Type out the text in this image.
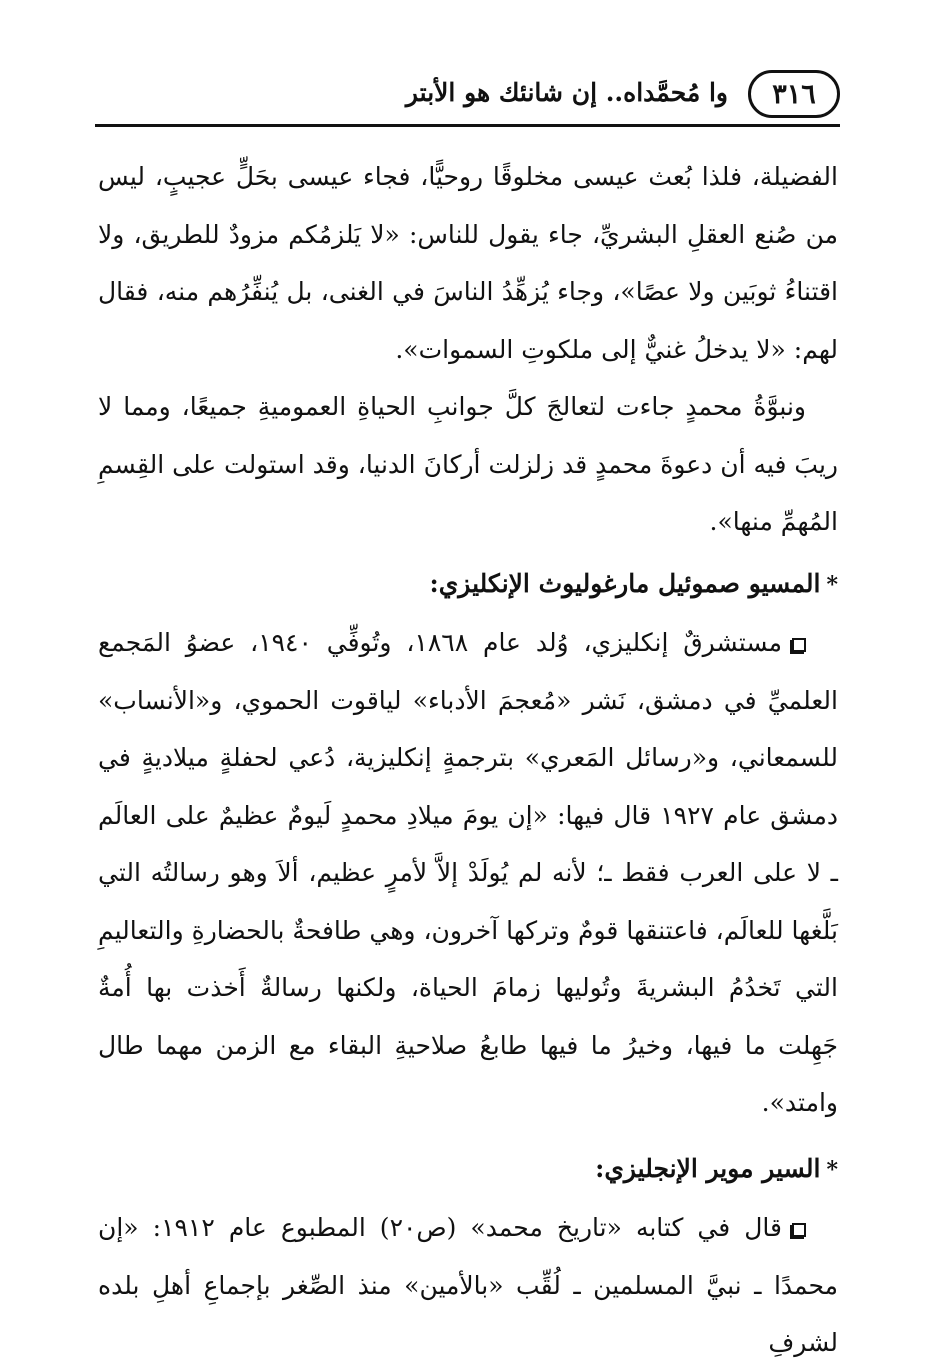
٣١٦
وا مُحمَّداه.. إن شانئك هو الأبتر

الفضيلة، فلذا بُعث عيسى مخلوقًا روحيًّا، فجاء عيسى بحَلٍّ عجيبٍ، ليس من صُنع العقلِ البشريِّ، جاء يقول للناس: «لا يَلزمُكم مزودٌ للطريق، ولا اقتناءُ ثوبَين ولا عصًا»، وجاء يُزهِّدُ الناسَ في الغنى، بل يُنفِّرُهم منه، فقال لهم: «لا يدخلُ غنيٌّ إلى ملكوتِ السموات».

ونبوَّةُ محمدٍ جاءت لتعالجَ كلَّ جوانبِ الحياةِ العموميةِ جميعًا، ومما لا ريبَ فيه أن دعوةَ محمدٍ قد زلزلت أركانَ الدنيا، وقد استولت على القِسمِ المُهمِّ منها».

*المسيو صموئيل مارغوليوث الإنكليزي:

مستشرقٌ إنكليزي، وُلد عام ١٨٦٨، وتُوفِّي ١٩٤٠، عضوُ المَجمع العلميِّ في دمشق، نَشر «مُعجمَ الأدباء» لياقوت الحموي، و«الأنساب» للسمعاني، و«رسائل المَعري» بترجمةٍ إنكليزية، دُعي لحفلةٍ ميلاديةٍ في دمشق عام ١٩٢٧ قال فيها: «إن يومَ ميلادِ محمدٍ لَيومٌ عظيمٌ على العالَم ـ لا على العرب فقط ـ؛ لأنه لم يُولَدْ إلاَّ لأمرٍ عظيم، ألاَ وهو رسالتُه التي بَلَّغها للعالَم، فاعتنقها قومٌ وتركها آخرون، وهي طافحةٌ بالحضارةِ والتعاليمِ التي تَخدُمُ البشريةَ وتُوليها زمامَ الحياة، ولكنها رسالةٌ أَخذت بها أُمةٌ جَهِلت ما فيها، وخيرُ ما فيها طابعُ صلاحيةِ البقاء مع الزمن مهما طال وامتد».

*السير موير الإنجليزي:

قال في كتابه «تاريخ محمد» (ص٢٠) المطبوع عام ١٩١٢: «إن محمدًا ـ نبيَّ المسلمين ـ لُقِّب «بالأمين» منذ الصِّغر بإجماعِ أهلِ بلده لشرفِ
